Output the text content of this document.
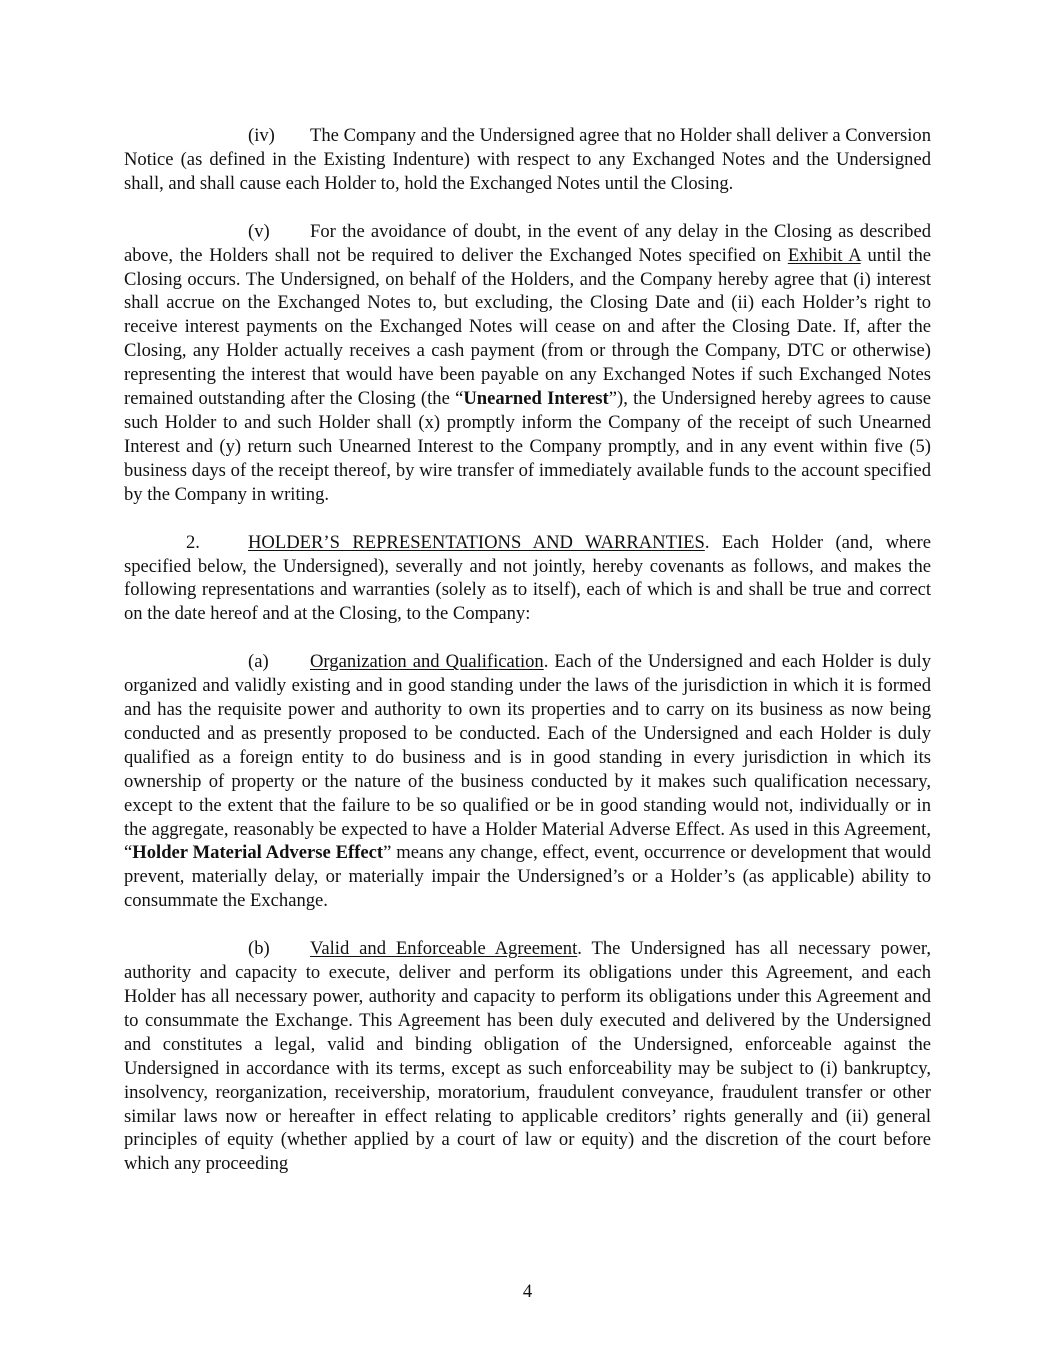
(iv) The Company and the Undersigned agree that no Holder shall deliver a Conversion Notice (as defined in the Existing Indenture) with respect to any Exchanged Notes and the Undersigned shall, and shall cause each Holder to, hold the Exchanged Notes until the Closing.

(v) For the avoidance of doubt, in the event of any delay in the Closing as described above, the Holders shall not be required to deliver the Exchanged Notes specified on Exhibit A until the Closing occurs. The Undersigned, on behalf of the Holders, and the Company hereby agree that (i) interest shall accrue on the Exchanged Notes to, but excluding, the Closing Date and (ii) each Holder’s right to receive interest payments on the Exchanged Notes will cease on and after the Closing Date. If, after the Closing, any Holder actually receives a cash payment (from or through the Company, DTC or otherwise) representing the interest that would have been payable on any Exchanged Notes if such Exchanged Notes remained outstanding after the Closing (the “Unearned Interest”), the Undersigned hereby agrees to cause such Holder to and such Holder shall (x) promptly inform the Company of the receipt of such Unearned Interest and (y) return such Unearned Interest to the Company promptly, and in any event within five (5) business days of the receipt thereof, by wire transfer of immediately available funds to the account specified by the Company in writing.

2.	HOLDER’S REPRESENTATIONS AND WARRANTIES. Each Holder (and, where specified below, the Undersigned), severally and not jointly, hereby covenants as follows, and makes the following representations and warranties (solely as to itself), each of which is and shall be true and correct on the date hereof and at the Closing, to the Company:

(a) Organization and Qualification. Each of the Undersigned and each Holder is duly organized and validly existing and in good standing under the laws of the jurisdiction in which it is formed and has the requisite power and authority to own its properties and to carry on its business as now being conducted and as presently proposed to be conducted. Each of the Undersigned and each Holder is duly qualified as a foreign entity to do business and is in good standing in every jurisdiction in which its ownership of property or the nature of the business conducted by it makes such qualification necessary, except to the extent that the failure to be so qualified or be in good standing would not, individually or in the aggregate, reasonably be expected to have a Holder Material Adverse Effect. As used in this Agreement, “Holder Material Adverse Effect” means any change, effect, event, occurrence or development that would prevent, materially delay, or materially impair the Undersigned’s or a Holder’s (as applicable) ability to consummate the Exchange.

(b) Valid and Enforceable Agreement. The Undersigned has all necessary power, authority and capacity to execute, deliver and perform its obligations under this Agreement, and each Holder has all necessary power, authority and capacity to perform its obligations under this Agreement and to consummate the Exchange. This Agreement has been duly executed and delivered by the Undersigned and constitutes a legal, valid and binding obligation of the Undersigned, enforceable against the Undersigned in accordance with its terms, except as such enforceability may be subject to (i) bankruptcy, insolvency, reorganization, receivership, moratorium, fraudulent conveyance, fraudulent transfer or other similar laws now or hereafter in effect relating to applicable creditors’ rights generally and (ii) general principles of equity (whether applied by a court of law or equity) and the discretion of the court before which any proceeding

4
